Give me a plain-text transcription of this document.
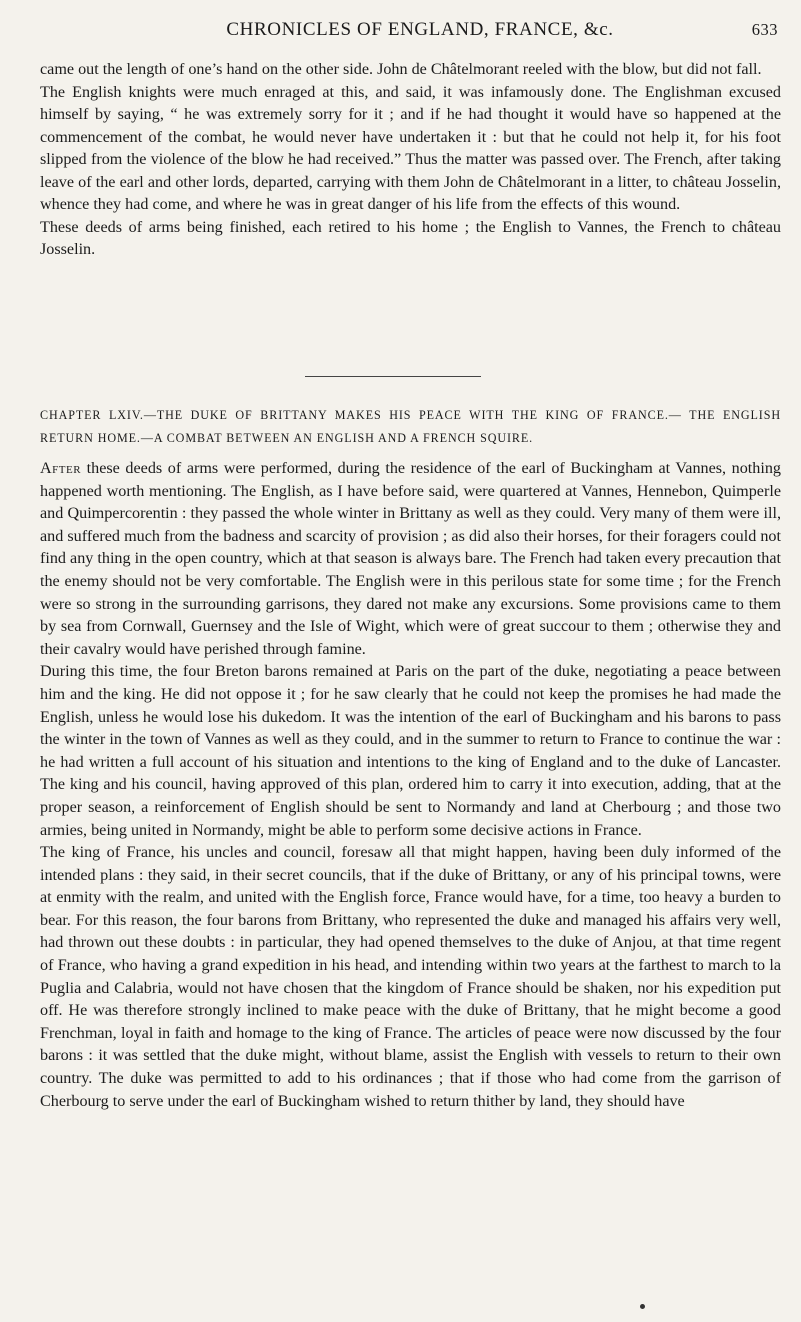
CHRONICLES OF ENGLAND, FRANCE, &c.	633

came out the length of one’s hand on the other side. John de Châtelmorant reeled with the blow, but did not fall.

The English knights were much enraged at this, and said, it was infamously done. The Englishman excused himself by saying, “ he was extremely sorry for it ; and if he had thought it would have so happened at the commencement of the combat, he would never have undertaken it : but that he could not help it, for his foot slipped from the violence of the blow he had received.” Thus the matter was passed over. The French, after taking leave of the earl and other lords, departed, carrying with them John de Châtelmorant in a litter, to château Josselin, whence they had come, and where he was in great danger of his life from the effects of this wound.

These deeds of arms being finished, each retired to his home ; the English to Vannes, the French to château Josselin.

CHAPTER LXIV.—THE DUKE OF BRITTANY MAKES HIS PEACE WITH THE KING OF FRANCE.— THE ENGLISH RETURN HOME.—A COMBAT BETWEEN AN ENGLISH AND A FRENCH SQUIRE.

After these deeds of arms were performed, during the residence of the earl of Buckingham at Vannes, nothing happened worth mentioning. The English, as I have before said, were quartered at Vannes, Hennebon, Quimperle and Quimpercorentin : they passed the whole winter in Brittany as well as they could. Very many of them were ill, and suffered much from the badness and scarcity of provision ; as did also their horses, for their foragers could not find any thing in the open country, which at that season is always bare. The French had taken every precaution that the enemy should not be very comfortable. The English were in this perilous state for some time ; for the French were so strong in the surrounding garrisons, they dared not make any excursions. Some provisions came to them by sea from Cornwall, Guernsey and the Isle of Wight, which were of great succour to them ; otherwise they and their cavalry would have perished through famine.

During this time, the four Breton barons remained at Paris on the part of the duke, negotiating a peace between him and the king. He did not oppose it ; for he saw clearly that he could not keep the promises he had made the English, unless he would lose his dukedom. It was the intention of the earl of Buckingham and his barons to pass the winter in the town of Vannes as well as they could, and in the summer to return to France to continue the war : he had written a full account of his situation and intentions to the king of England and to the duke of Lancaster. The king and his council, having approved of this plan, ordered him to carry it into execution, adding, that at the proper season, a reinforcement of English should be sent to Normandy and land at Cherbourg ; and those two armies, being united in Normandy, might be able to perform some decisive actions in France.

The king of France, his uncles and council, foresaw all that might happen, having been duly informed of the intended plans : they said, in their secret councils, that if the duke of Brittany, or any of his principal towns, were at enmity with the realm, and united with the English force, France would have, for a time, too heavy a burden to bear. For this reason, the four barons from Brittany, who represented the duke and managed his affairs very well, had thrown out these doubts : in particular, they had opened themselves to the duke of Anjou, at that time regent of France, who having a grand expedition in his head, and intending within two years at the farthest to march to la Puglia and Calabria, would not have chosen that the kingdom of France should be shaken, nor his expedition put off. He was therefore strongly inclined to make peace with the duke of Brittany, that he might become a good Frenchman, loyal in faith and homage to the king of France. The articles of peace were now discussed by the four barons : it was settled that the duke might, without blame, assist the English with vessels to return to their own country. The duke was permitted to add to his ordinances ; that if those who had come from the garrison of Cherbourg to serve under the earl of Buckingham wished to return thither by land, they should have
